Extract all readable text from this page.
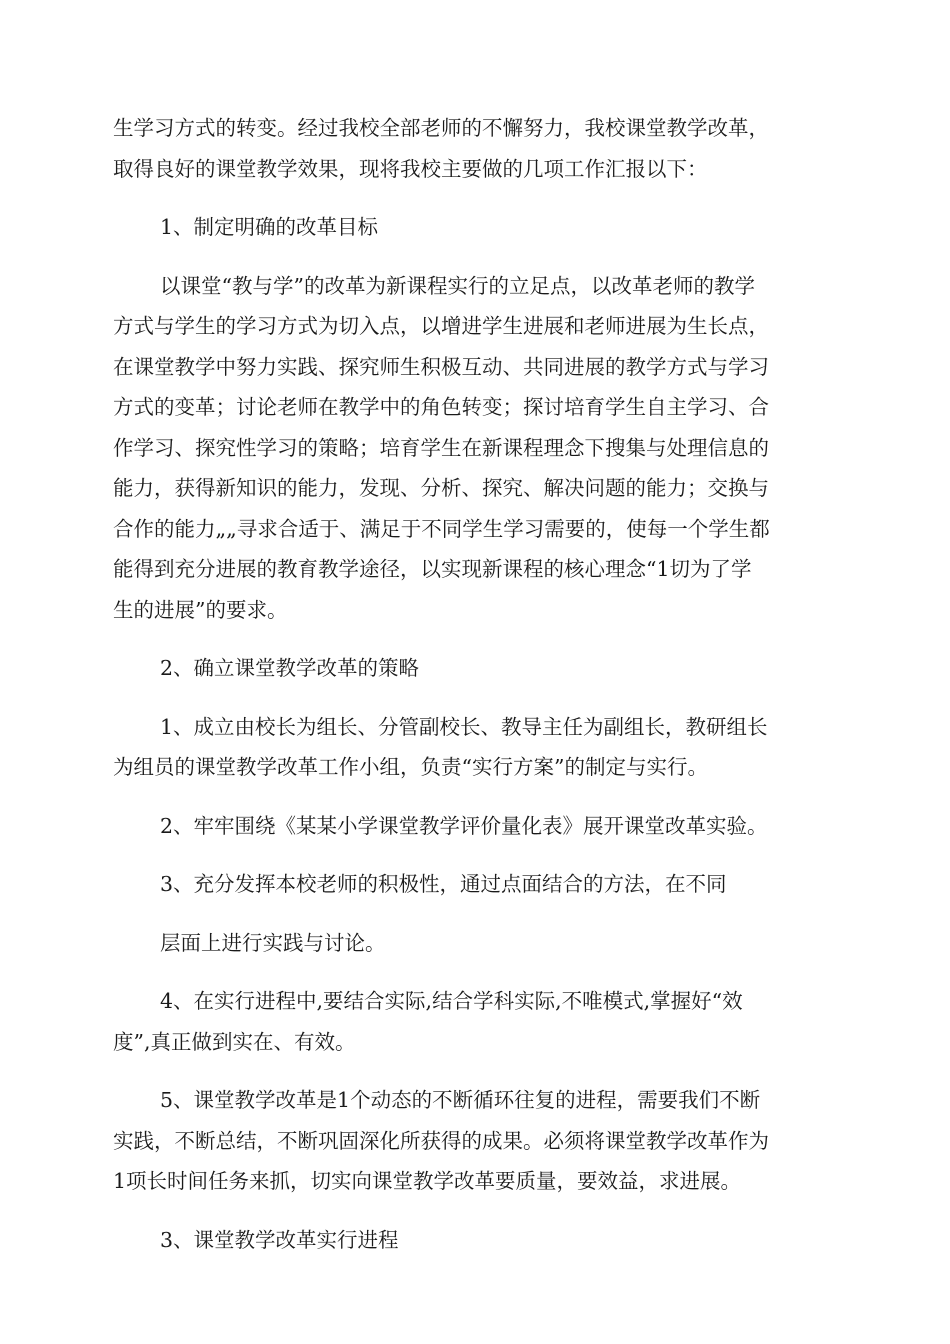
生学习方式的转变。经过我校全部老师的不懈努力，我校课堂教学改革，
取得良好的课堂教学效果，现将我校主要做的几项工作汇报以下：

1、制定明确的改革目标

以课堂“教与学”的改革为新课程实行的立足点，以改革老师的教学
方式与学生的学习方式为切入点，以增进学生进展和老师进展为生长点，
在课堂教学中努力实践、探究师生积极互动、共同进展的教学方式与学习
方式的变革；讨论老师在教学中的角色转变；探讨培育学生自主学习、合
作学习、探究性学习的策略；培育学生在新课程理念下搜集与处理信息的
能力，获得新知识的能力，发现、分析、探究、解决问题的能力；交换与
合作的能力„„寻求合适于、满足于不同学生学习需要的，使每一个学生都
能得到充分进展的教育教学途径，以实现新课程的核心理念“1切为了学
生的进展”的要求。

2、确立课堂教学改革的策略

1、成立由校长为组长、分管副校长、教导主任为副组长，教研组长
为组员的课堂教学改革工作小组，负责“实行方案”的制定与实行。

2、牢牢围绕《某某小学课堂教学评价量化表》展开课堂改革实验。

3、充分发挥本校老师的积极性，通过点面结合的方法，在不同

层面上进行实践与讨论。

4、在实行进程中,要结合实际,结合学科实际,不唯模式,掌握好“效
度”,真正做到实在、有效。

5、课堂教学改革是1个动态的不断循环往复的进程，需要我们不断
实践，不断总结，不断巩固深化所获得的成果。必须将课堂教学改革作为
1项长时间任务来抓，切实向课堂教学改革要质量，要效益，求进展。

3、课堂教学改革实行进程
